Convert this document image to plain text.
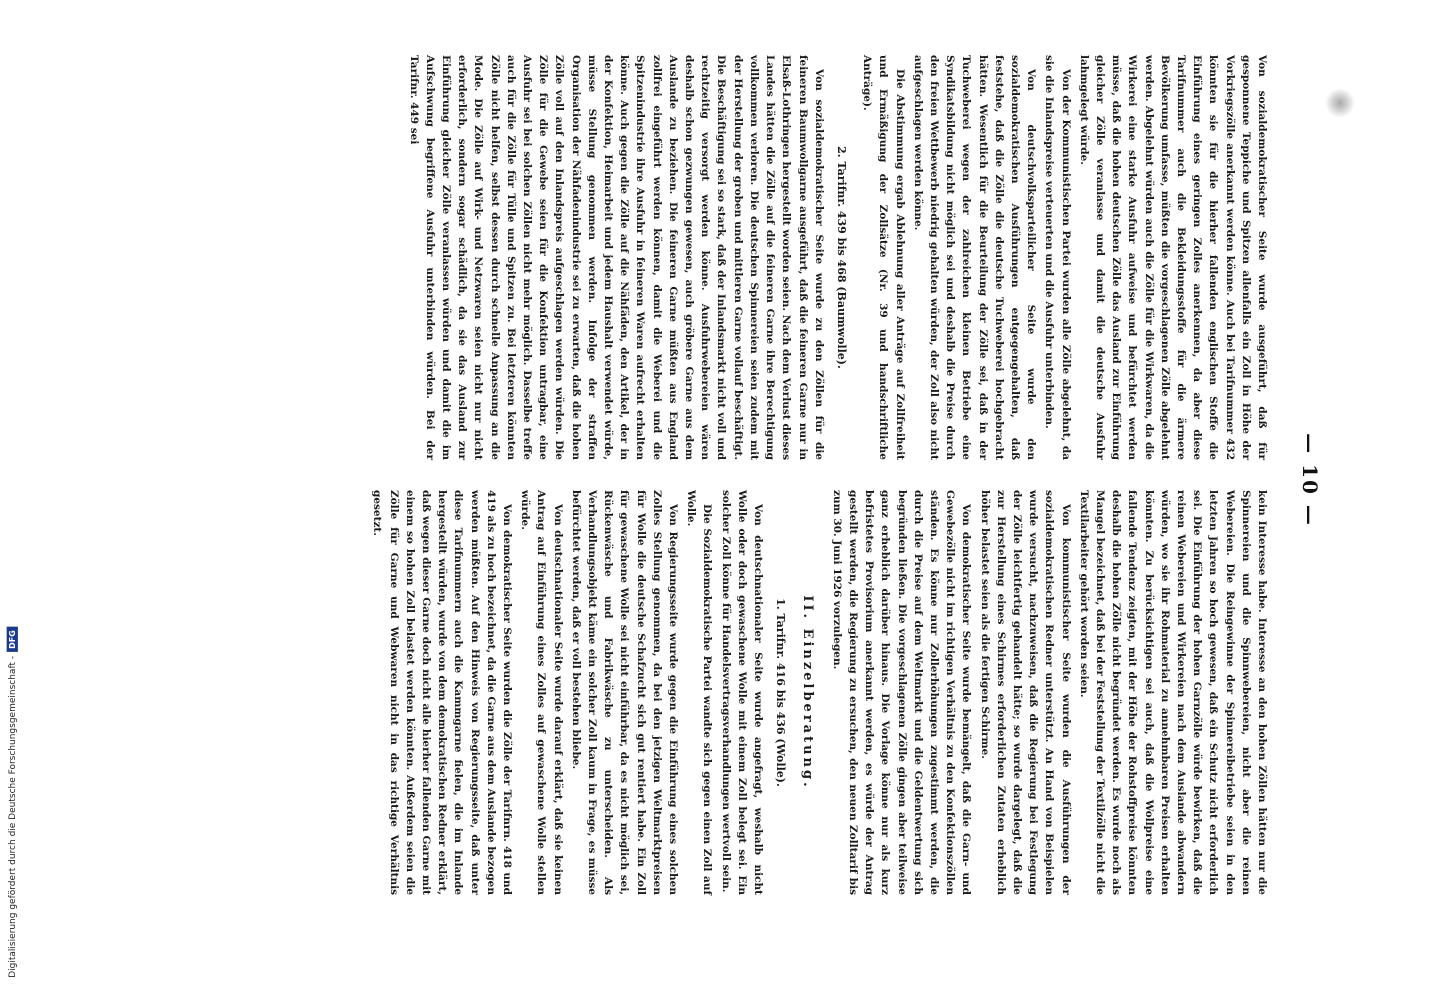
Digitalisierung gefördert durch die Deutsche Forschungsgemeinschaft -
DFG
— 10 —

Von sozialdemokratischer Seite wurde ausgeführt, daß für gesponnene Teppiche und Spitzen allenfalls ein Zoll in Höhe der Vorkriegszölle anerkannt werden könne. Auch bei Tarifnummer 432 könnten sie für die hierher fallenden englischen Stoffe die Einführung eines geringen Zolles anerkennen, da aber diese Tarifnummer auch die Bekleidungsstoffe für die ärmere Bevölkerung umfasse, müßten die vorgeschlagenen Zölle abgelehnt werden. Abgelehnt würden auch die Zölle für die Wirkwaren, da die Wirkerei eine starke Ausfuhr aufweise und befürchtet werden müsse, daß die hohen deutschen Zölle das Ausland zur Einführung gleicher Zölle veranlasse und damit die deutsche Ausfuhr lahmgelegt würde.

Von der Kommunistischen Partei wurden alle Zölle abgelehnt, da sie die Inlandspreise verteuerten und die Ausfuhr unterbinden.

Von deutschvolksparteilicher Seite wurde den sozialdemokratischen Ausführungen entgegengehalten, daß feststehe, daß die Zölle die deutsche Tuchweberei hochgebracht hätten. Wesentlich für die Beurteilung der Zölle sei, daß in der Tuchweberei wegen der zahlreichen kleinen Betriebe eine Syndikatsbildung nicht möglich sei und deshalb die Preise durch den freien Wettbewerb niedrig gehalten würden, der Zoll also nicht aufgeschlagen werden könne.

Die Abstimmung ergab Ablehnung aller Anträge auf Zollfreiheit und Ermäßigung der Zollsätze (Nr. 39 und handschriftliche Anträge).

2. Tarifnr. 439 bis 468 (Baumwolle).

Von sozialdemokratischer Seite wurde zu den Zöllen für die feineren Baumwollgarne ausgeführt, daß die feineren Garne nur in Elsaß-Lothringen hergestellt worden seien. Nach dem Verlust dieses Landes hätten die Zölle auf die feineren Garne ihre Berechtigung vollkommen verloren. Die deutschen Spinnereien seien zudem mit der Herstellung der groben und mittleren Garne vollauf beschäftigt. Die Beschäftigung sei so stark, daß der Inlandsmarkt nicht voll und rechtzeitig versorgt werden könne. Ausfuhrwebereien wären deshalb schon gezwungen gewesen, auch gröbere Garne aus dem Auslande zu beziehen. Die feineren Garne müßten aus England zollfrei eingeführt werden können, damit die Weberei und die Spitzenindustrie ihre Ausfuhr in feineren Waren aufrecht erhalten könne. Auch gegen die Zölle auf die Nähfäden, den Artikel, der in der Konfektion, Heimarbeit und jedem Haushalt verwendet würde, müsse Stellung genommen werden. Infolge der straffen Organisation der Nähfadenindustrie sei zu erwarten, daß die hohen Zölle voll auf den Inlandspreis aufgeschlagen werden würden. Die Zölle für die Gewebe seien für die Konfektion untragbar, eine Ausfuhr sei bei solchen Zöllen nicht mehr möglich. Dasselbe treffe auch für die Zölle für Tülle und Spitzen zu. Bei letzteren könnten Zölle nicht helfen, selbst dessen durch schnelle Anpassung an die Mode. Die Zölle auf Wirk- und Netzwaren seien nicht nur nicht erforderlich, sondern sogar schädlich, da sie das Ausland zur Einführung gleicher Zölle veranlassen würden und damit die im Aufschwung begriffene Ausfuhr unterbinden würden. Bei der Tarifnr. 449 sei

kein Interesse habe. Interesse an den hohen Zöllen hätten nur die Spinnereien und die Spinnwebereien, nicht aber die reinen Webereien. Die Reingewinne der Spinnereibetriebe seien in den letzten Jahren so hoch gewesen, daß ein Schutz nicht erforderlich sei. Die Einführung der hohen Garnzölle würde bewirken, daß die reinen Webereien und Wirkereien nach dem Auslande abwandern würden, wo sie ihr Rohmaterial zu annehmbaren Preisen erhalten könnten. Zu berücksichtigen sei auch, daß die Wollpreise eine fallende Tendenz zeigten, mit der Höhe der Rohstoffpreise könnten deshalb die hohen Zölle nicht begründet werden. Es wurde noch als Mangel bezeichnet, daß bei der Feststellung der Textilzölle nicht die Textilarbeiter gehört worden seien.

Von kommunistischer Seite wurden die Ausführungen der sozialdemokratischen Redner unterstützt. An Hand von Beispielen wurde versucht, nachzuweisen, daß die Regierung bei Festlegung der Zölle leichtfertig gehandelt hätte; so wurde dargelegt, daß die zur Herstellung eines Schirmes erforderlichen Zutaten erheblich höher belastet seien als die fertigen Schirme.

Von demokratischer Seite wurde bemängelt, daß die Garn- und Gewebezölle nicht im richtigen Verhältnis zu den Konfektionszöllen ständen. Es könne nur Zollerhöhungen zugestimmt werden, die durch die Preise auf dem Weltmarkt und die Geldentwertung sich begründen ließen. Die vorgeschlagenen Zölle gingen aber teilweise ganz erheblich darüber hinaus. Die Vorlage könne nur als kurz befristetes Provisorium anerkannt werden, es würde der Antrag gestellt werden, die Regierung zu ersuchen, den neuen Zolltarif bis zum 30. Juni 1926 vorzulegen.

II. Einzelberatung.
1. Tarifnr. 416 bis 436 (Wolle).

Von deutschnationaler Seite wurde angefragt, weshalb nicht Wolle oder doch gewaschene Wolle mit einem Zoll belegt sei. Ein solcher Zoll könne für Handelsvertragsverhandlungen wertvoll sein.

Die Sozialdemokratische Partei wandte sich gegen einen Zoll auf Wolle.

Von Regierungsseite wurde gegen die Einführung eines solchen Zolles Stellung genommen, da bei den jetzigen Weltmarktpreisen für Wolle die deutsche Schafzucht sich gut rentiert habe. Ein Zoll für gewaschene Wolle sei nicht einführbar, da es nicht möglich sei, Rückenwäsche und Fabrikwäsche zu unterscheiden. Als Verhandlungsobjekt käme ein solcher Zoll kaum in Frage, es müsse befürchtet werden, daß er voll bestehen bliebe.

Von deutschnationaler Seite wurde darauf erklärt, daß sie keinen Antrag auf Einführung eines Zolles auf gewaschene Wolle stellen würde.

Von demokratischer Seite wurden die Zölle der Tarifnrn. 418 und 419 als zu hoch bezeichnet, da die Garne aus dem Auslande bezogen werden müßten. Auf den Hinweis von Regierungsseite, daß unter diese Tarifnummern auch die Kammgarne fielen, die im Inlande hergestellt würden, wurde von dem demokratischen Redner erklärt, daß wegen dieser Garne doch nicht alle hierher fallenden Garne mit einem so hohen Zoll belastet werden könnten. Außerdem seien die Zölle für Garne und Webwaren nicht in das richtige Verhältnis gesetzt.
